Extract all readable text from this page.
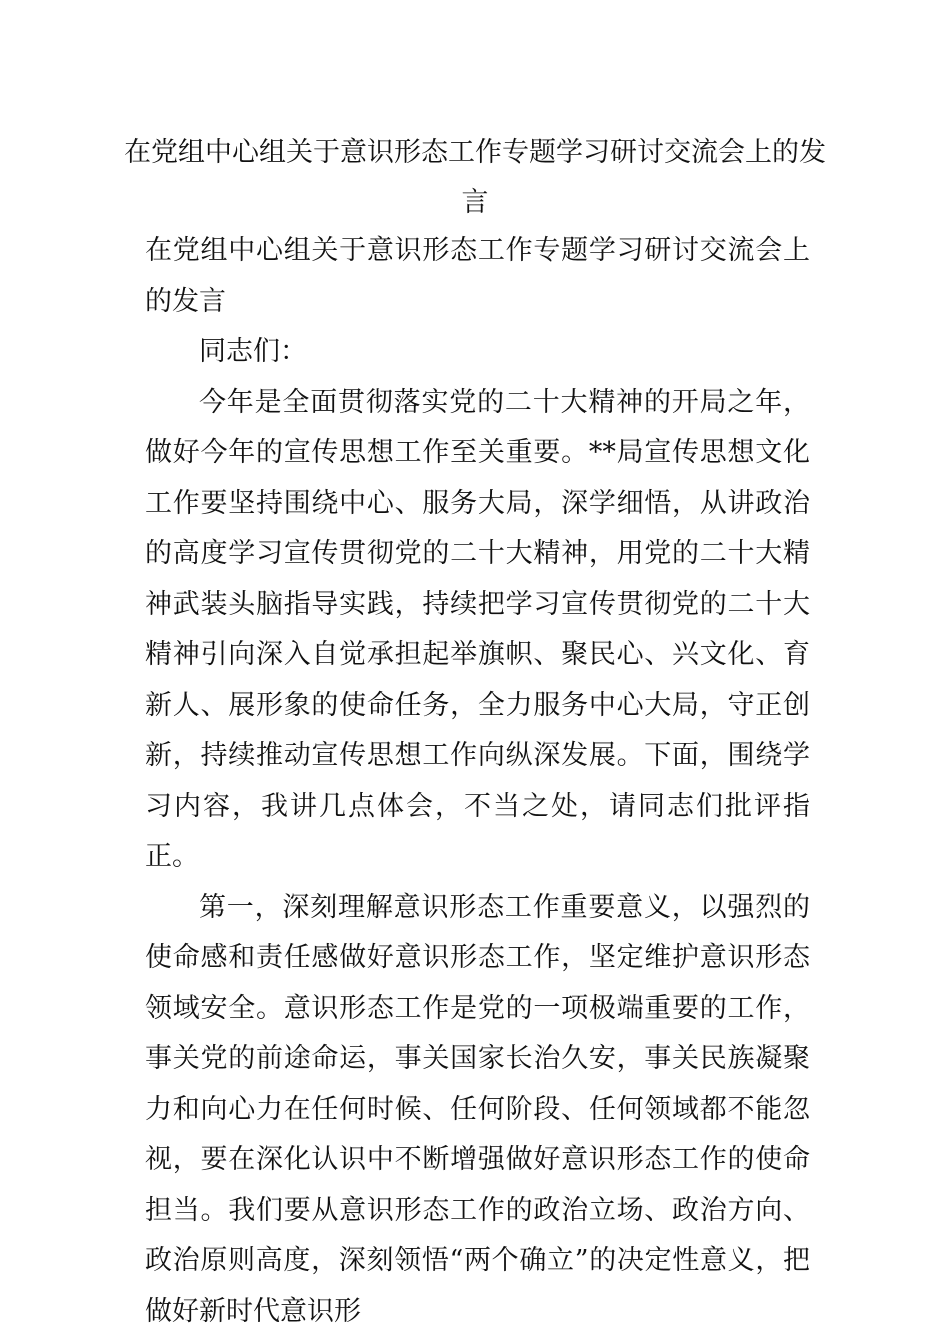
在党组中心组关于意识形态工作专题学习研讨交流会上的发言

在党组中心组关于意识形态工作专题学习研讨交流会上的发言

同志们：

今年是全面贯彻落实党的二十大精神的开局之年，做好今年的宣传思想工作至关重要。**局宣传思想文化工作要坚持围绕中心、服务大局，深学细悟，从讲政治的高度学习宣传贯彻党的二十大精神，用党的二十大精神武装头脑指导实践，持续把学习宣传贯彻党的二十大精神引向深入自觉承担起举旗帜、聚民心、兴文化、育新人、展形象的使命任务，全力服务中心大局，守正创新，持续推动宣传思想工作向纵深发展。下面，围绕学习内容，我讲几点体会，不当之处，请同志们批评指正。

第一，深刻理解意识形态工作重要意义，以强烈的使命感和责任感做好意识形态工作，坚定维护意识形态领域安全。意识形态工作是党的一项极端重要的工作，事关党的前途命运，事关国家长治久安，事关民族凝聚力和向心力在任何时候、任何阶段、任何领域都不能忽视，要在深化认识中不断增强做好意识形态工作的使命担当。我们要从意识形态工作的政治立场、政治方向、政治原则高度，深刻领悟“两个确立”的决定性意义，把做好新时代意识形
